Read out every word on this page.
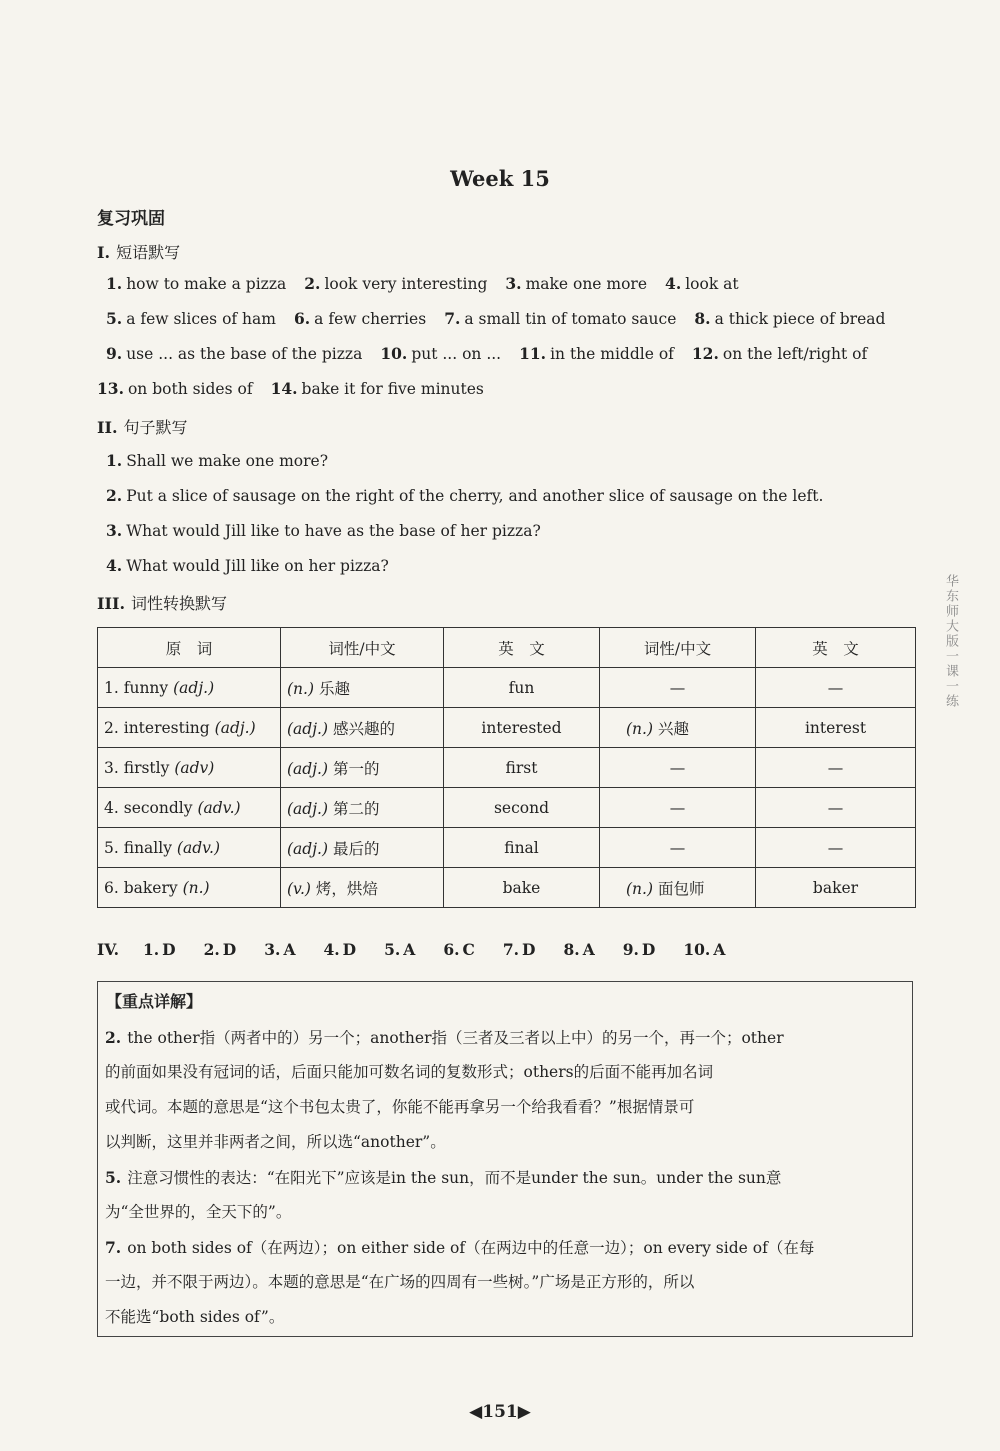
Week 15
复习巩固
I. 短语默写
1. how to make a pizza 2. look very interesting 3. make one more 4. look at
5. a few slices of ham 6. a few cherries 7. a small tin of tomato sauce 8. a thick piece of bread
9. use ... as the base of the pizza 10. put ... on ... 11. in the middle of 12. on the left/right of
13. on both sides of 14. bake it for five minutes
II. 句子默写
1. Shall we make one more?
2. Put a slice of sausage on the right of the cherry, and another slice of sausage on the left.
3. What would Jill like to have as the base of her pizza?
4. What would Jill like on her pizza?
III. 词性转换默写
原　词	词性/中文	英　文	词性/中文	英　文
1. funny (adj.)	(n.) 乐趣	fun	—	—
2. interesting (adj.)	(adj.) 感兴趣的	interested	(n.) 兴趣	interest
3. firstly (adv)	(adj.) 第一的	first	—	—
4. secondly (adv.)	(adj.) 第二的	second	—	—
5. finally (adv.)	(adj.) 最后的	final	—	—
6. bakery (n.)	(v.) 烤，烘焙	bake	(n.) 面包师	baker
IV. 1. D 2. D 3. A 4. D 5. A 6. C 7. D 8. A 9. D 10. A
【重点详解】

2. the other指（两者中的）另一个；another指（三者及三者以上中）的另一个，再一个；other

的前面如果没有冠词的话，后面只能加可数名词的复数形式；others的后面不能再加名词

或代词。本题的意思是“这个书包太贵了，你能不能再拿另一个给我看看？”根据情景可

以判断，这里并非两者之间，所以选“another”。

5. 注意习惯性的表达：“在阳光下”应该是in the sun，而不是under the sun。under the sun意

为“全世界的，全天下的”。

7. on both sides of（在两边）；on either side of（在两边中的任意一边）；on every side of（在每

一边，并不限于两边）。本题的意思是“在广场的四周有一些树。”广场是正方形的，所以

不能选“both sides of”。

华东师大版一课一练
◀151▶
